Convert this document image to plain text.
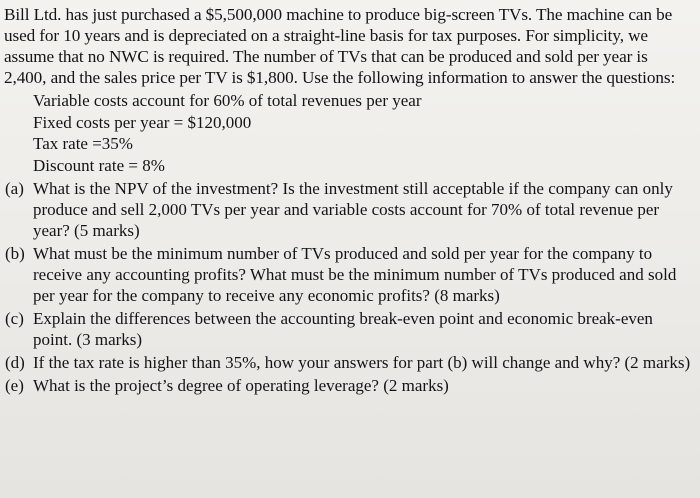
Bill Ltd. has just purchased a $5,500,000 machine to produce big-screen TVs. The machine can be used for 10 years and is depreciated on a straight-line basis for tax purposes. For simplicity, we assume that no NWC is required. The number of TVs that can be produced and sold per year is 2,400, and the sales price per TV is $1,800. Use the following information to answer the questions:

Variable costs account for 60% of total revenues per year
Fixed costs per year = $120,000
Tax rate =35%
Discount rate = 8%
(a) What is the NPV of the investment? Is the investment still acceptable if the company can only produce and sell 2,000 TVs per year and variable costs account for 70% of total revenue per year? (5 marks)
(b) What must be the minimum number of TVs produced and sold per year for the company to receive any accounting profits? What must be the minimum number of TVs produced and sold per year for the company to receive any economic profits? (8 marks)
(c) Explain the differences between the accounting break-even point and economic break-even point. (3 marks)
(d) If the tax rate is higher than 35%, how your answers for part (b) will change and why? (2 marks)
(e) What is the project’s degree of operating leverage? (2 marks)
